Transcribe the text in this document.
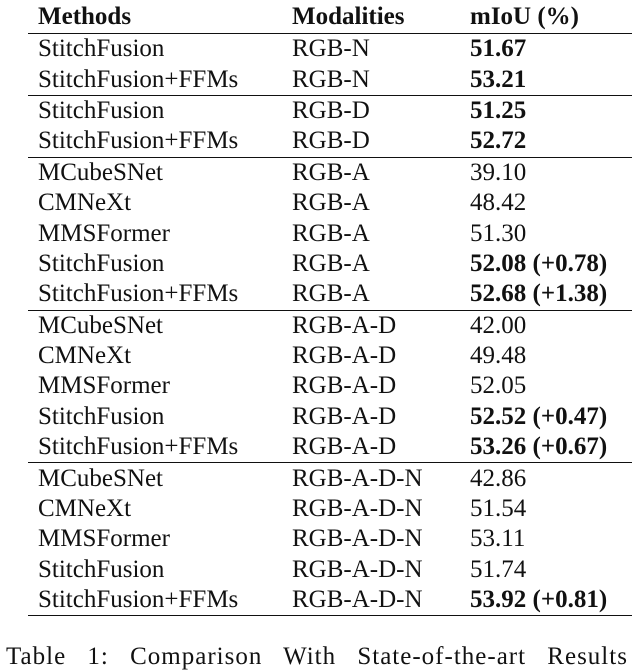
Methods	Modalities	mIoU (%)
StitchFusion	RGB-N	51.67
StitchFusion+FFMs	RGB-N	53.21
StitchFusion	RGB-D	51.25
StitchFusion+FFMs	RGB-D	52.72
MCubeSNet	RGB-A	39.10
CMNeXt	RGB-A	48.42
MMSFormer	RGB-A	51.30
StitchFusion	RGB-A	52.08 (+0.78)
StitchFusion+FFMs	RGB-A	52.68 (+1.38)
MCubeSNet	RGB-A-D	42.00
CMNeXt	RGB-A-D	49.48
MMSFormer	RGB-A-D	52.05
StitchFusion	RGB-A-D	52.52 (+0.47)
StitchFusion+FFMs	RGB-A-D	53.26 (+0.67)
MCubeSNet	RGB-A-D-N	42.86
CMNeXt	RGB-A-D-N	51.54
MMSFormer	RGB-A-D-N	53.11
StitchFusion	RGB-A-D-N	51.74
StitchFusion+FFMs	RGB-A-D-N	53.92 (+0.81)
Table 1: Comparison With State-of-the-art Results
